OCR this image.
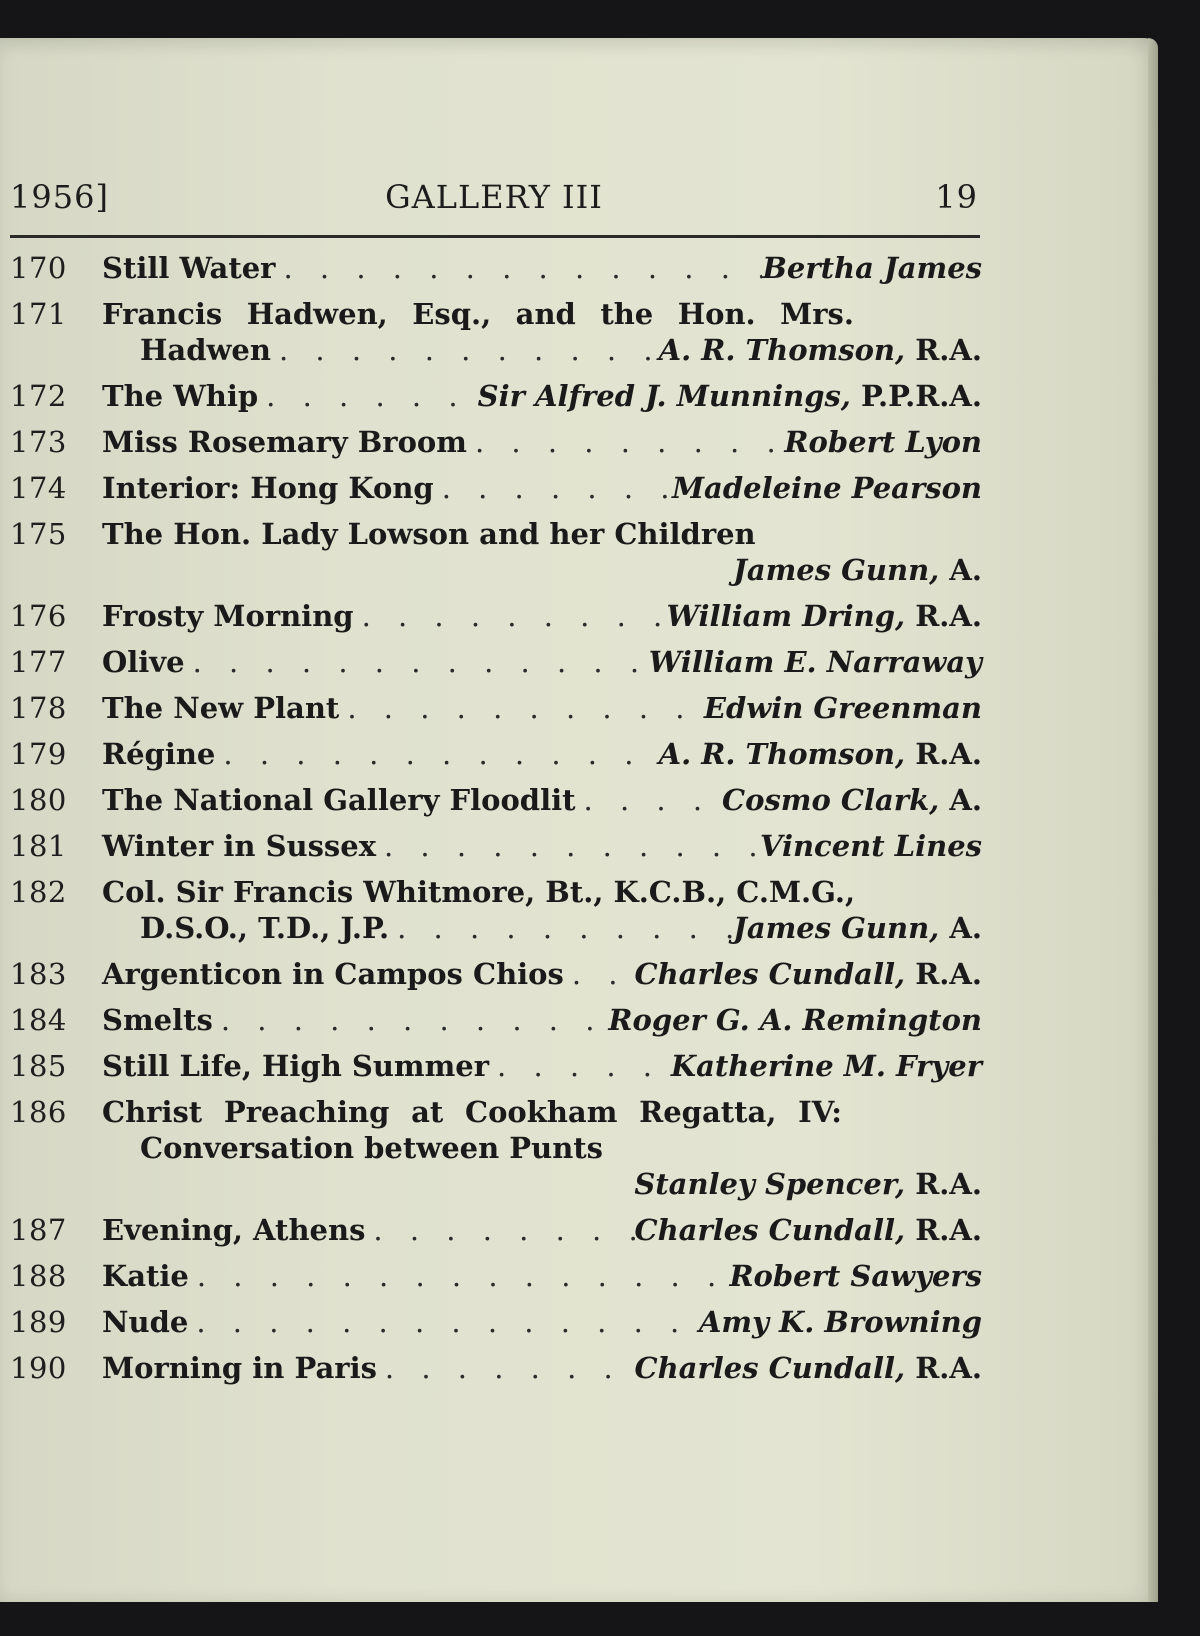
1956]	GALLERY III	19
170	Still Water . . .	Bertha James
171	Francis Hadwen, Esq., and the Hon. Mrs.
Hadwen . . .	A. R. Thomson, R.A.
172	The Whip . . .	Sir Alfred J. Munnings, P.P.R.A.
173	Miss Rosemary Broom . . .	Robert Lyon
174	Interior: Hong Kong . . .	Madeleine Pearson
175	The Hon. Lady Lowson and her Children
James Gunn, A.
176	Frosty Morning . . .	William Dring, R.A.
177	Olive . . .	William E. Narraway
178	The New Plant . . .	Edwin Greenman
179	Régine . . .	A. R. Thomson, R.A.
180	The National Gallery Floodlit . . .	Cosmo Clark, A.
181	Winter in Sussex . . .	Vincent Lines
182	Col. Sir Francis Whitmore, Bt., K.C.B., C.M.G.,
D.S.O., T.D., J.P. . . .	James Gunn, A.
183	Argenticon in Campos Chios . . . Charles Cundall, R.A.
184	Smelts . . .	Roger G. A. Remington
185	Still Life, High Summer . . .	Katherine M. Fryer
186	Christ Preaching at Cookham Regatta, IV:
Conversation between Punts
Stanley Spencer, R.A.
187	Evening, Athens . . .	Charles Cundall, R.A.
188	Katie . . .	Robert Sawyers
189	Nude . . .	Amy K. Browning
190	Morning in Paris . . .	Charles Cundall, R.A.
